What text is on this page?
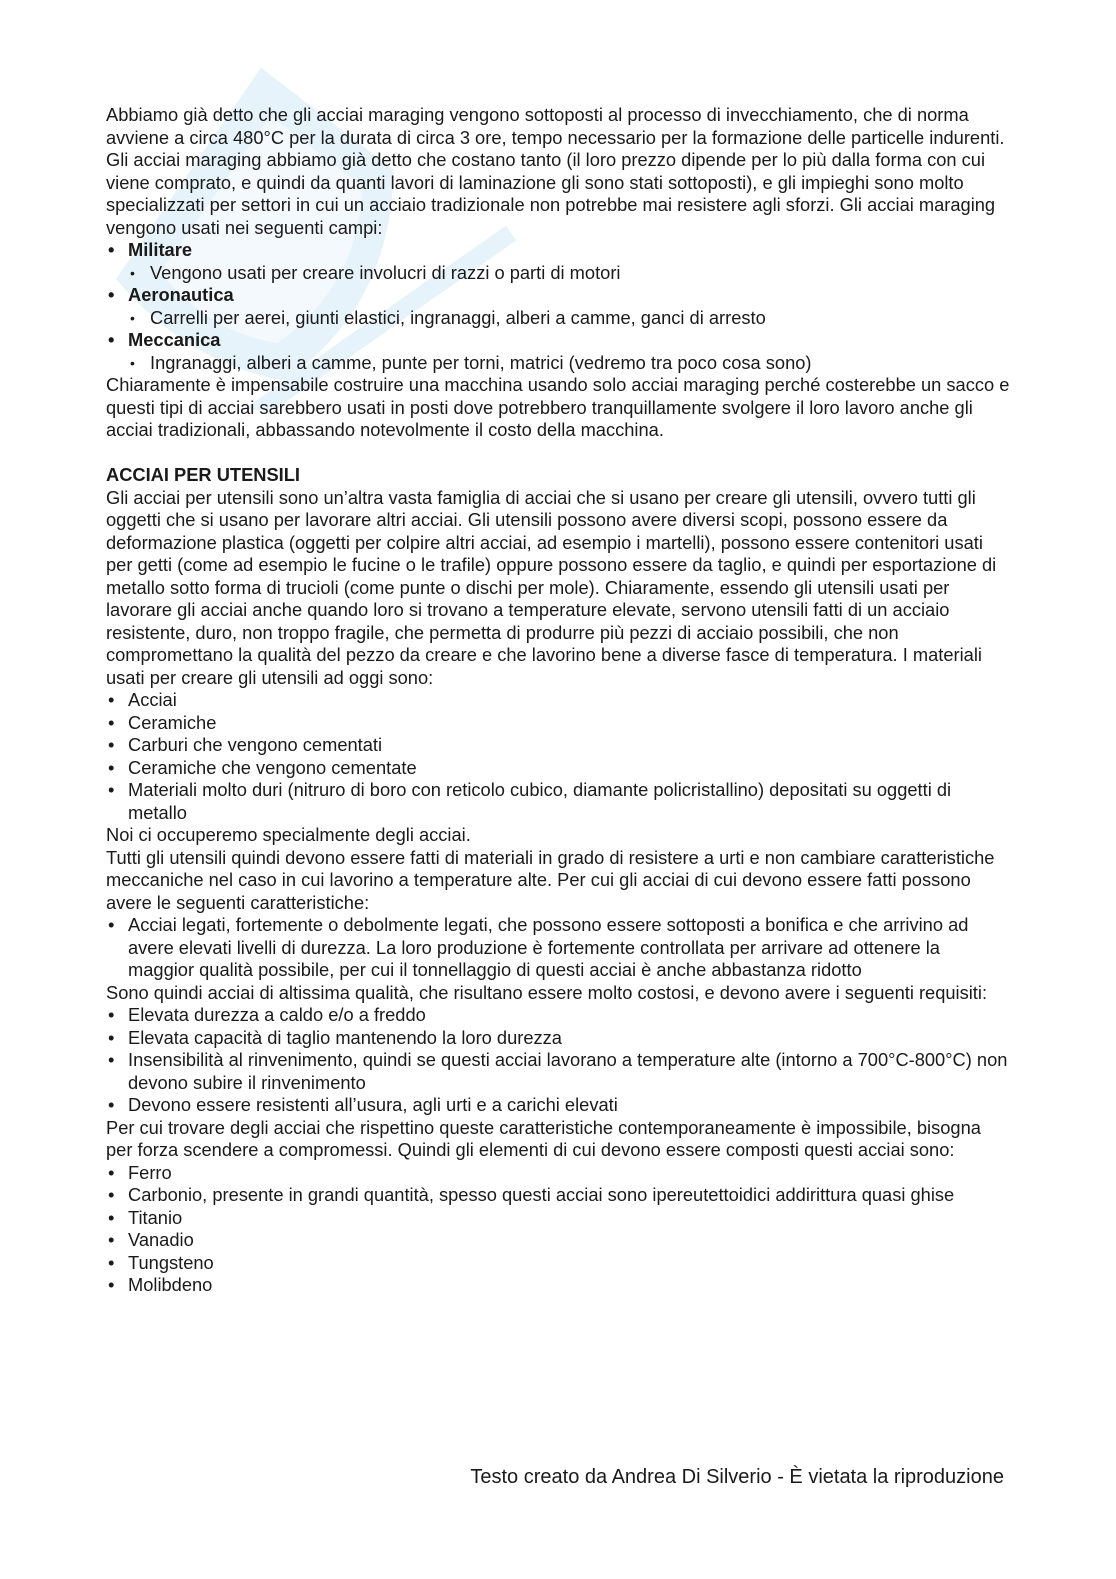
Abbiamo già detto che gli acciai maraging vengono sottoposti al processo di invecchiamento, che di norma avviene a circa 480°C per la durata di circa 3 ore, tempo necessario per la formazione delle particelle indurenti.

Gli acciai maraging abbiamo già detto che costano tanto (il loro prezzo dipende per lo più dalla forma con cui viene comprato, e quindi da quanti lavori di laminazione gli sono stati sottoposti), e gli impieghi sono molto specializzati per settori in cui un acciaio tradizionale non potrebbe mai resistere agli sforzi. Gli acciai maraging vengono usati nei seguenti campi:

• Militare
• Vengono usati per creare involucri di razzi o parti di motori
• Aeronautica
• Carrelli per aerei, giunti elastici, ingranaggi, alberi a camme, ganci di arresto
• Meccanica
• Ingranaggi, alberi a camme, punte per torni, matrici (vedremo tra poco cosa sono)

Chiaramente è impensabile costruire una macchina usando solo acciai maraging perché costerebbe un sacco e questi tipi di acciai sarebbero usati in posti dove potrebbero tranquillamente svolgere il loro lavoro anche gli acciai tradizionali, abbassando notevolmente il costo della macchina.

ACCIAI PER UTENSILI

Gli acciai per utensili sono un’altra vasta famiglia di acciai che si usano per creare gli utensili, ovvero tutti gli oggetti che si usano per lavorare altri acciai. Gli utensili possono avere diversi scopi, possono essere da deformazione plastica (oggetti per colpire altri acciai, ad esempio i martelli), possono essere contenitori usati per getti (come ad esempio le fucine o le trafile) oppure possono essere da taglio, e quindi per esportazione di metallo sotto forma di trucioli (come punte o dischi per mole). Chiaramente, essendo gli utensili usati per lavorare gli acciai anche quando loro si trovano a temperature elevate, servono utensili fatti di un acciaio resistente, duro, non troppo fragile, che permetta di produrre più pezzi di acciaio possibili, che non compromettano la qualità del pezzo da creare e che lavorino bene a diverse fasce di temperatura. I materiali usati per creare gli utensili ad oggi sono:

• Acciai
• Ceramiche
• Carburi che vengono cementati
• Ceramiche che vengono cementate
• Materiali molto duri (nitruro di boro con reticolo cubico, diamante policristallino) depositati su oggetti di metallo

Noi ci occuperemo specialmente degli acciai.

Tutti gli utensili quindi devono essere fatti di materiali in grado di resistere a urti e non cambiare caratteristiche meccaniche nel caso in cui lavorino a temperature alte. Per cui gli acciai di cui devono essere fatti possono avere le seguenti caratteristiche:

• Acciai legati, fortemente o debolmente legati, che possono essere sottoposti a bonifica e che arrivino ad avere elevati livelli di durezza. La loro produzione è fortemente controllata per arrivare ad ottenere la maggior qualità possibile, per cui il tonnellaggio di questi acciai è anche abbastanza ridotto

Sono quindi acciai di altissima qualità, che risultano essere molto costosi, e devono avere i seguenti requisiti:

• Elevata durezza a caldo e/o a freddo
• Elevata capacità di taglio mantenendo la loro durezza
• Insensibilità al rinvenimento, quindi se questi acciai lavorano a temperature alte (intorno a 700°C-800°C) non devono subire il rinvenimento
• Devono essere resistenti all’usura, agli urti e a carichi elevati

Per cui trovare degli acciai che rispettino queste caratteristiche contemporaneamente è impossibile, bisogna per forza scendere a compromessi. Quindi gli elementi di cui devono essere composti questi acciai sono:

• Ferro
• Carbonio, presente in grandi quantità, spesso questi acciai sono ipereutettoidici addirittura quasi ghise
• Titanio
• Vanadio
• Tungsteno
• Molibdeno
Testo creato da Andrea Di Silverio - È vietata la riproduzione
